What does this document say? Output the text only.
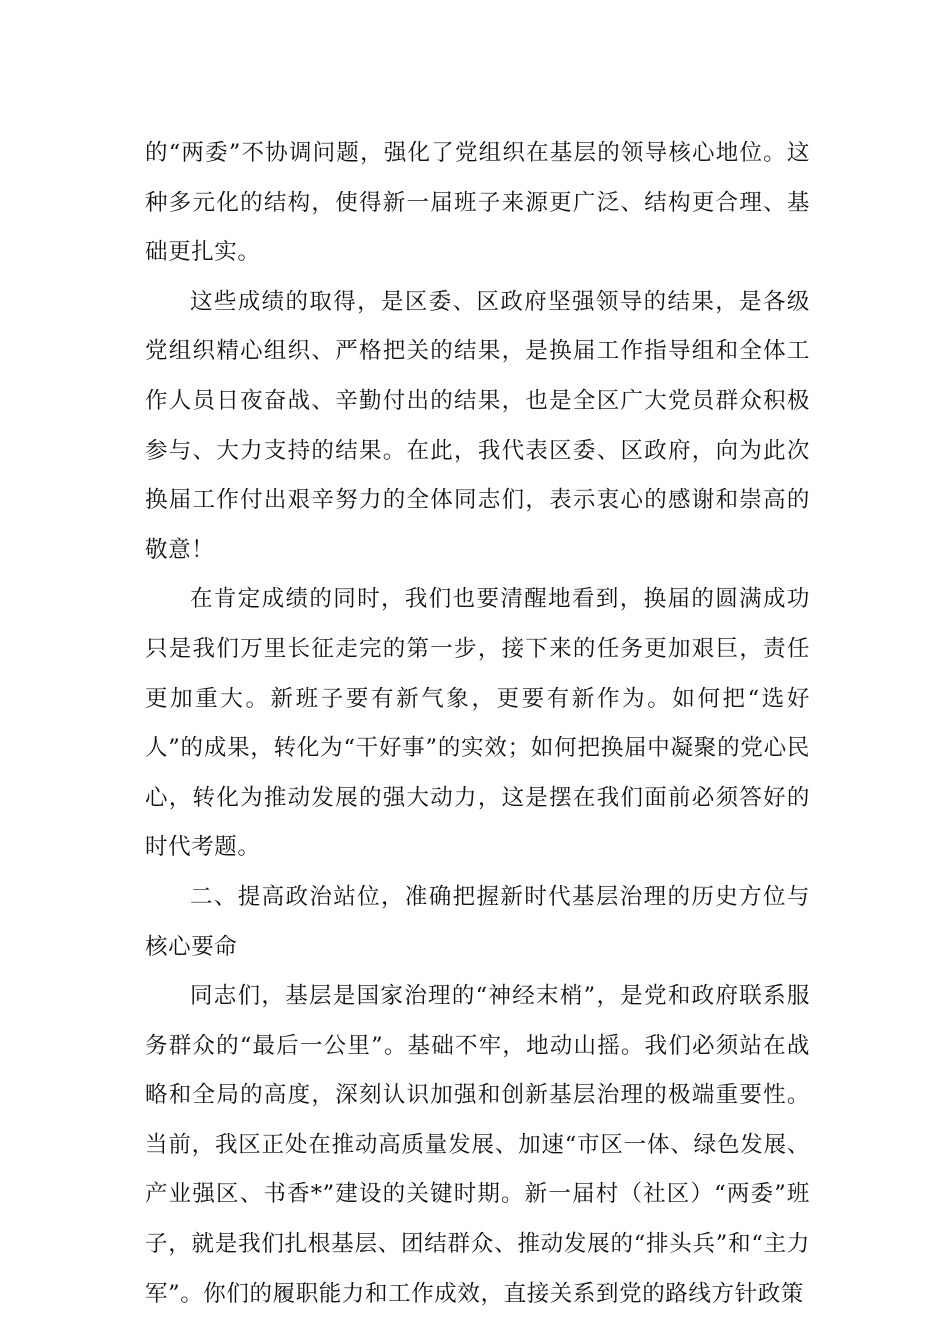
的“两委”不协调问题，强化了党组织在基层的领导核心地位。这种多元化的结构，使得新一届班子来源更广泛、结构更合理、基础更扎实。

这些成绩的取得，是区委、区政府坚强领导的结果，是各级党组织精心组织、严格把关的结果，是换届工作指导组和全体工作人员日夜奋战、辛勤付出的结果，也是全区广大党员群众积极参与、大力支持的结果。在此，我代表区委、区政府，向为此次换届工作付出艰辛努力的全体同志们，表示衷心的感谢和崇高的敬意！

在肯定成绩的同时，我们也要清醒地看到，换届的圆满成功只是我们万里长征走完的第一步，接下来的任务更加艰巨，责任更加重大。新班子要有新气象，更要有新作为。如何把“选好人”的成果，转化为“干好事”的实效；如何把换届中凝聚的党心民心，转化为推动发展的强大动力，这是摆在我们面前必须答好的时代考题。

二、提高政治站位，准确把握新时代基层治理的历史方位与核心要命

同志们，基层是国家治理的“神经末梢”，是党和政府联系服务群众的“最后一公里”。基础不牢，地动山摇。我们必须站在战略和全局的高度，深刻认识加强和创新基层治理的极端重要性。当前，我区正处在推动高质量发展、加速“市区一体、绿色发展、产业强区、书香*”建设的关键时期。新一届村（社区）“两委”班子，就是我们扎根基层、团结群众、推动发展的“排头兵”和“主力军”。你们的履职能力和工作成效，直接关系到党的路线方针政策
